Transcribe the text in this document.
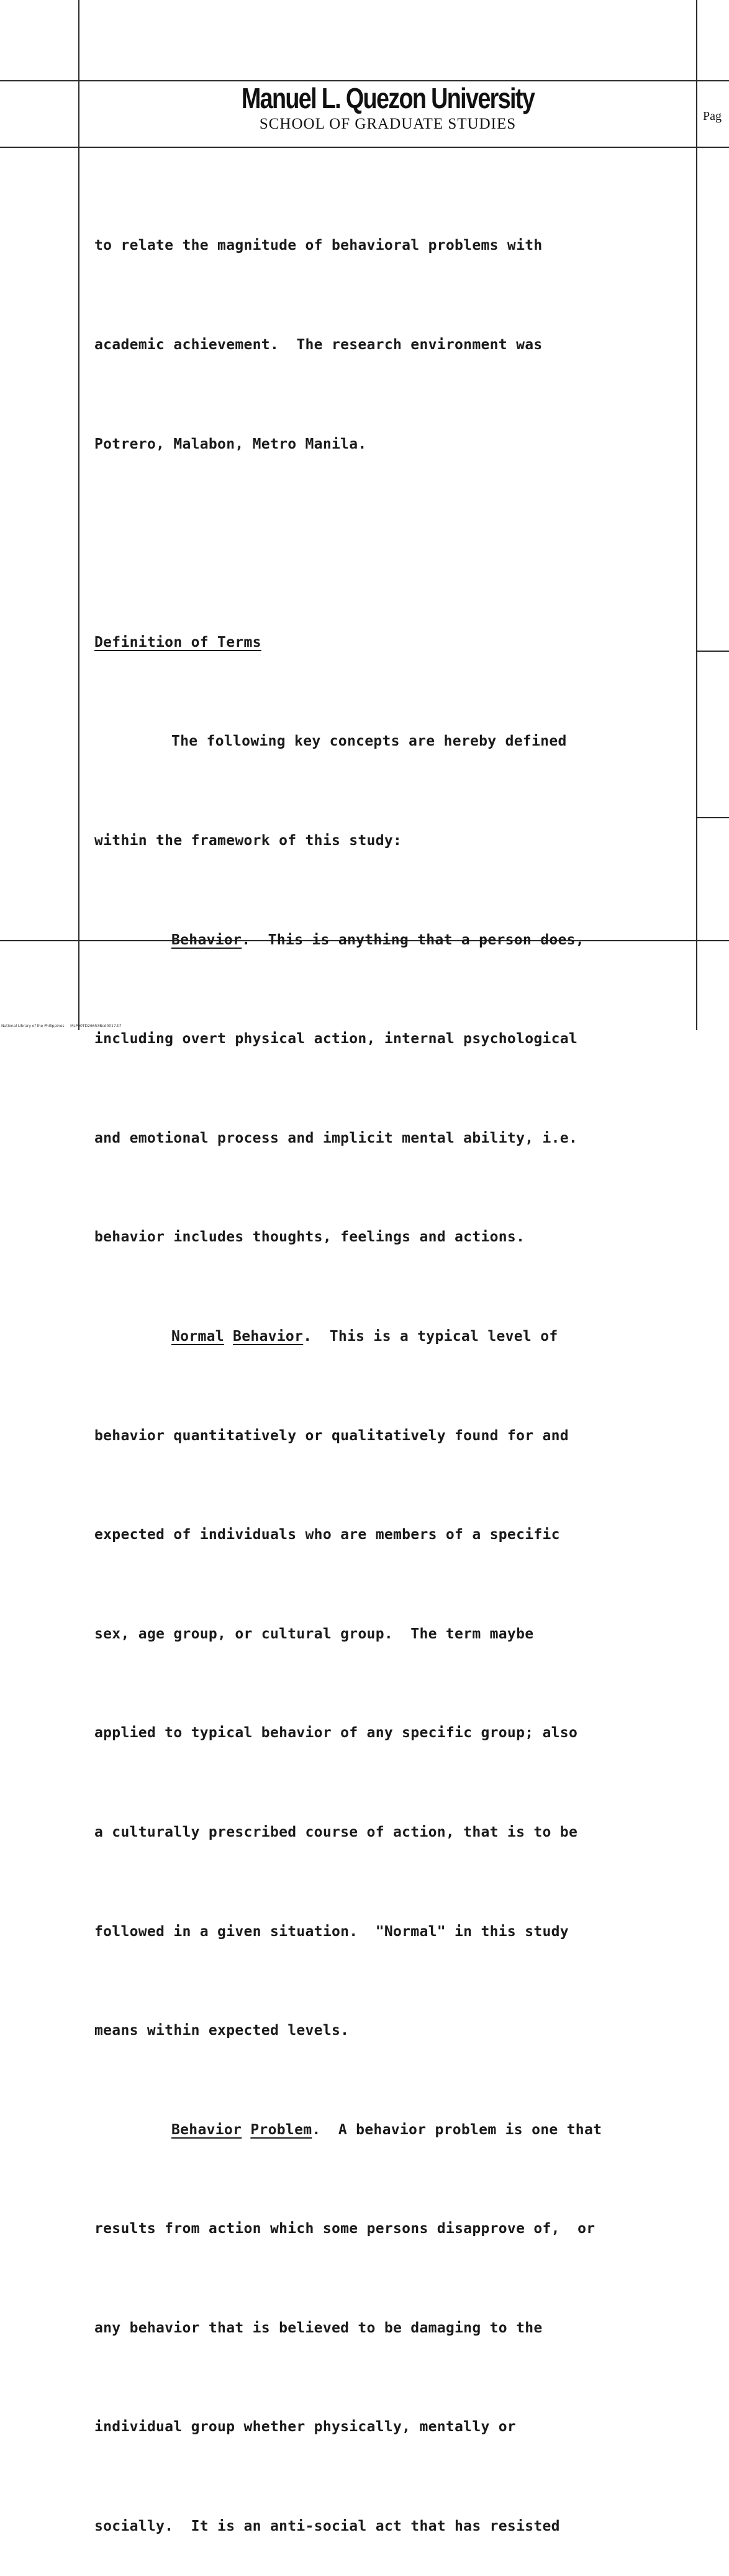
Manuel L. Quezon University
SCHOOL OF GRADUATE STUDIES	Pag

to relate the magnitude of behavioral problems with

academic achievement.  The research environment was

Potrero, Malabon, Metro Manila.

Definition of Terms

The following key concepts are hereby defined

within the framework of this study:

Behavior. This is anything that a person does,

including overt physical action, internal psychological

and emotional process and implicit mental ability, i.e.

behavior includes thoughts, feelings and actions.

Normal Behavior. This is a typical level of

behavior quantitatively or qualitatively found for and

expected of individuals who are members of a specific

sex, age group, or cultural group.  The term maybe

applied to typical behavior of any specific group; also

a culturally prescribed course of action, that is to be

followed in a given situation.  "Normal" in this study

means within expected levels.

Behavior Problem. A behavior problem is one that

results from action which some persons disapprove of,  or

any behavior that is believed to be damaging to the

individual group whether physically, mentally or

socially.  It is an anti-social act that has resisted

National Library of the Philippines     MLP00TD26653Bcd0017.tif
